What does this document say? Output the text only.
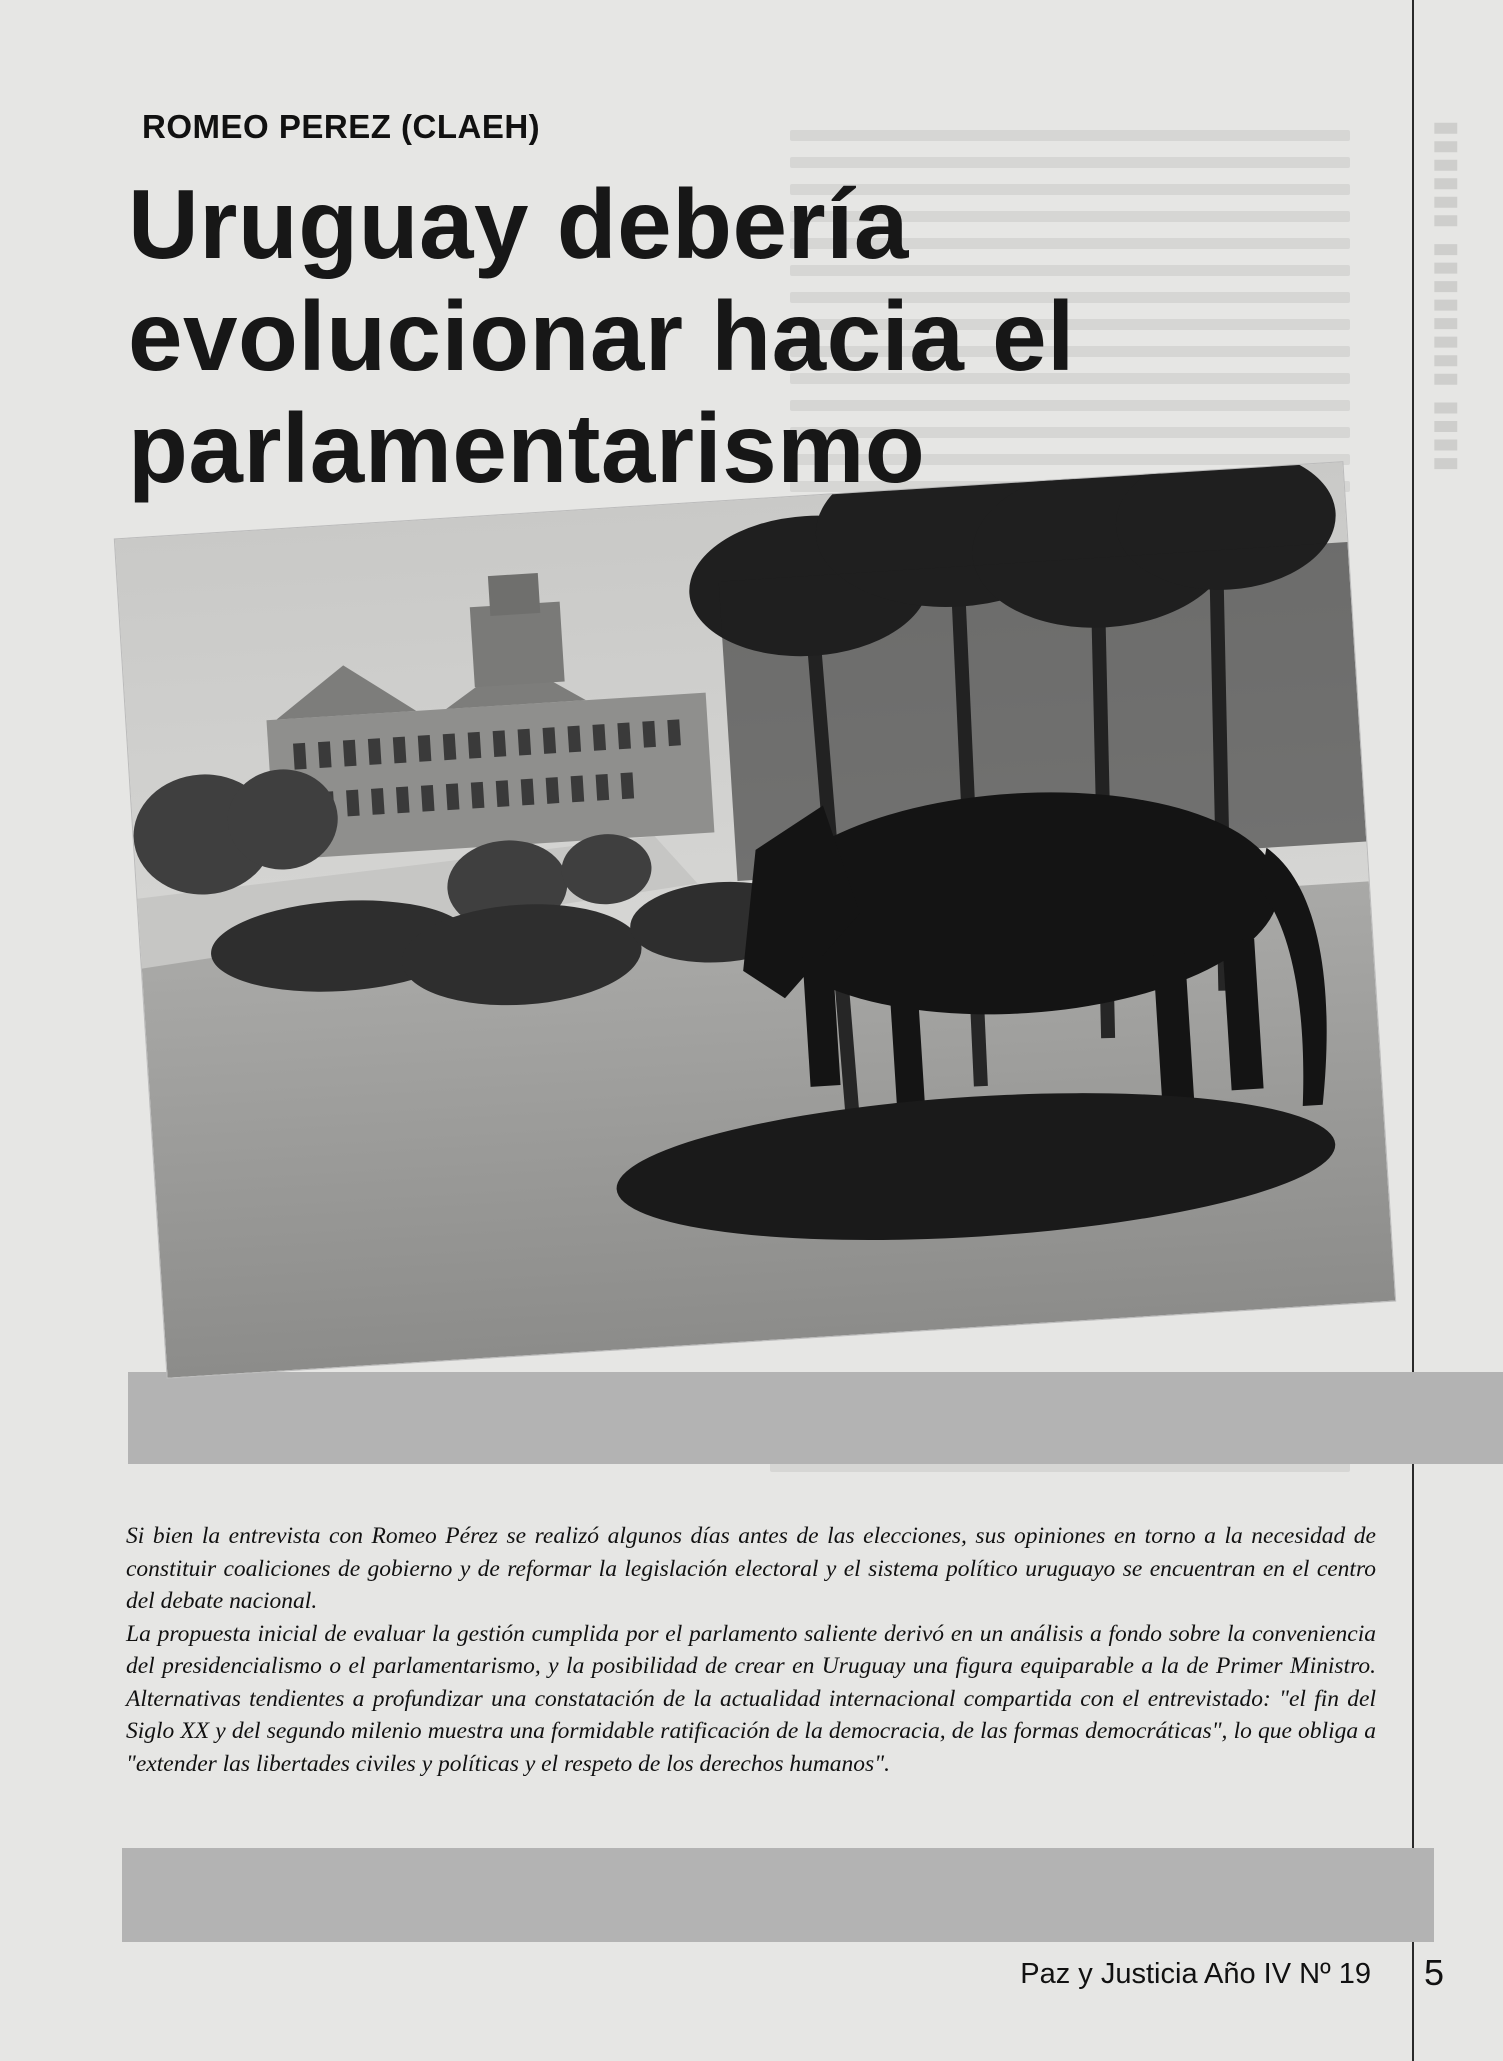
▮▮▮▮▮▮ ▮▮▮▮▮▮▮▮ ▮▮▮▮
ROMEO PEREZ (CLAEH)
Uruguay debería
evolucionar hacia el
parlamentarismo

Si bien la entrevista con Romeo Pérez se realizó algunos días antes de las elecciones, sus opiniones en torno a la necesidad de constituir coaliciones de gobierno y de reformar la legislación electoral y el sistema político uruguayo se encuentran en el centro del debate nacional.

La propuesta inicial de evaluar la gestión cumplida por el parlamento saliente derivó en un análisis a fondo sobre la conveniencia del presidencialismo o el parlamentarismo, y la posibilidad de crear en Uruguay una figura equiparable a la de Primer Ministro. Alternativas tendientes a profundizar una constatación de la actualidad internacional compartida con el entrevistado: "el fin del Siglo XX y del segundo milenio muestra una formidable ratificación de la democracia, de las formas democráticas", lo que obliga a "extender las libertades civiles y políticas y el respeto de los derechos humanos".

Paz y Justicia Año IV Nº 19 5
